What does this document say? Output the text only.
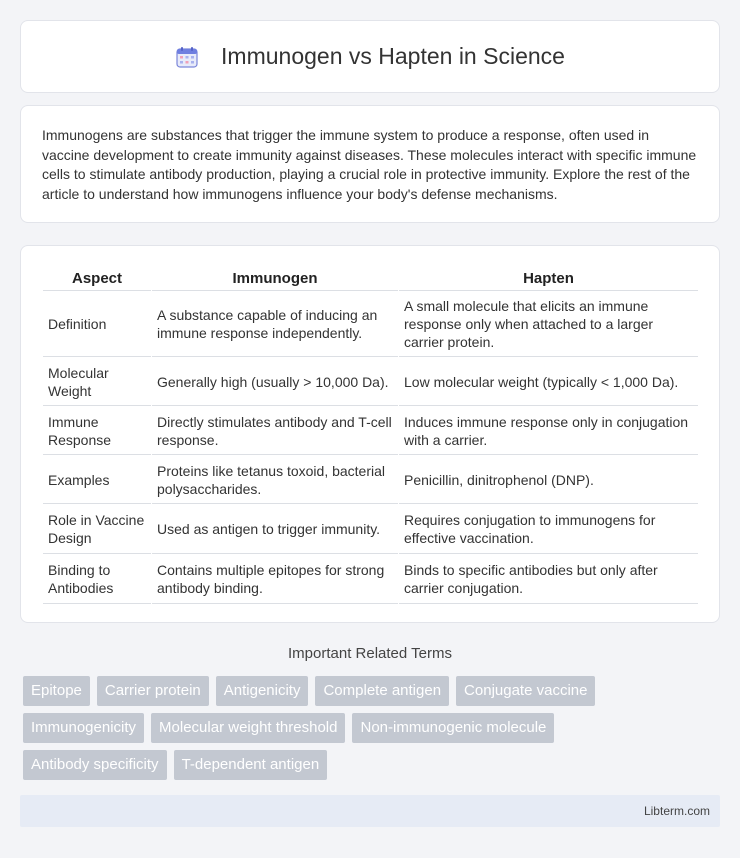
Immunogen vs Hapten in Science

Immunogens are substances that trigger the immune system to produce a response, often used in vaccine development to create immunity against diseases. These molecules interact with specific immune cells to stimulate antibody production, playing a crucial role in protective immunity. Explore the rest of the article to understand how immunogens influence your body's defense mechanisms.

Aspect	Immunogen	Hapten
Definition	A substance capable of inducing an immune response independently.	A small molecule that elicits an immune response only when attached to a larger carrier protein.
Molecular Weight	Generally high (usually > 10,000 Da).	Low molecular weight (typically < 1,000 Da).
Immune Response	Directly stimulates antibody and T-cell response.	Induces immune response only in conjugation with a carrier.
Examples	Proteins like tetanus toxoid, bacterial polysaccharides.	Penicillin, dinitrophenol (DNP).
Role in Vaccine Design	Used as antigen to trigger immunity.	Requires conjugation to immunogens for effective vaccination.
Binding to Antibodies	Contains multiple epitopes for strong antibody binding.	Binds to specific antibodies but only after carrier conjugation.
Important Related Terms
Epitope	Carrier protein	Antigenicity	Complete antigen	Conjugate vaccine
Immunogenicity	Molecular weight threshold	Non-immunogenic molecule
Antibody specificity	T-dependent antigen
Libterm.com
